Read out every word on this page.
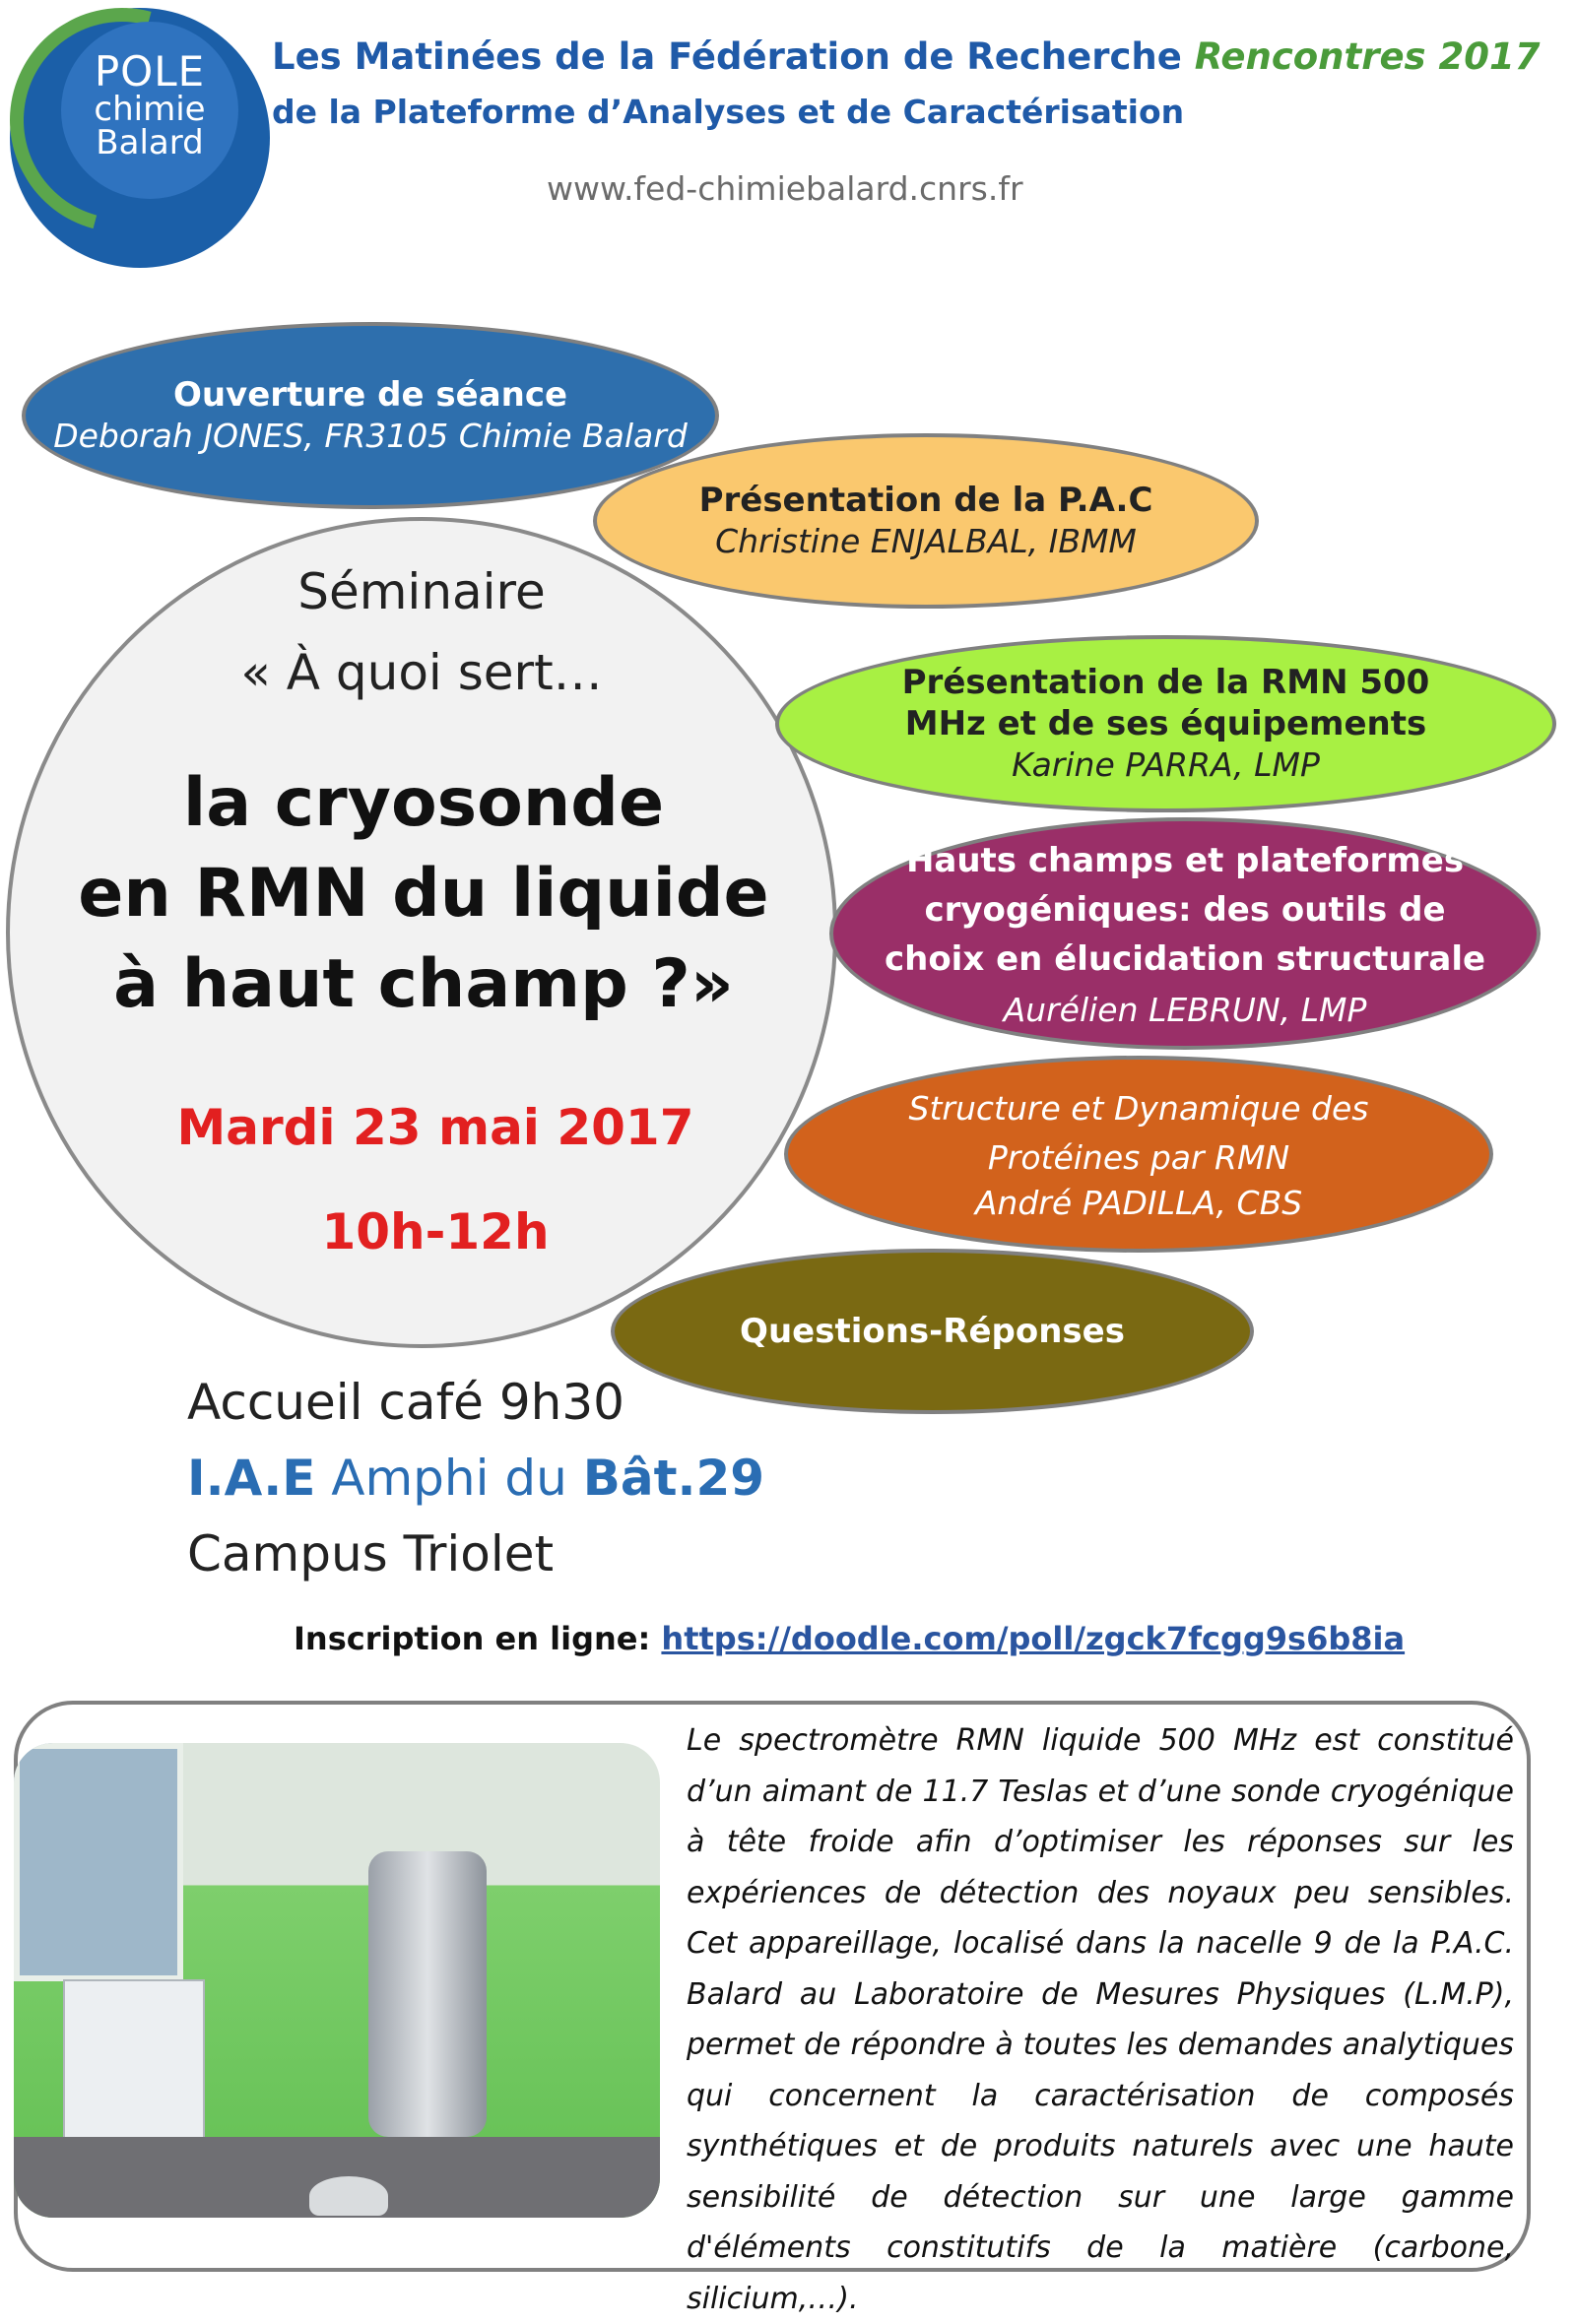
POLE
chimie
Balard
Les Matinées de la Fédération de Recherche Rencontres 2017
de la Plateforme d’Analyses et de Caractérisation
www.fed-chimiebalard.cnrs.fr
Ouverture de séance
Deborah JONES, FR3105 Chimie Balard
Séminaire
« À quoi sert…
la cryosonde
en RMN du liquide
à haut champ ?»
Mardi 23 mai 2017
10h-12h
Présentation de la P.A.C
Christine ENJALBAL, IBMM
Présentation de la RMN 500 MHz et de ses équipements
Karine PARRA, LMP
Hauts champs et plateformes cryogéniques: des outils de choix en élucidation structurale
Aurélien LEBRUN, LMP
Structure et Dynamique des Protéines par RMN
André PADILLA, CBS
Questions-Réponses
Accueil café 9h30
I.A.E Amphi du Bât.29
Campus Triolet
Inscription en ligne: https://doodle.com/poll/zgck7fcgg9s6b8ia
Le spectromètre RMN liquide 500 MHz est constitué d’un aimant de 11.7 Teslas et d’une sonde cryogénique à tête froide afin d’optimiser les réponses sur les expériences de détection des noyaux peu sensibles. Cet appareillage, localisé dans la nacelle 9 de la P.A.C. Balard au Laboratoire de Mesures Physiques (L.M.P), permet de répondre à toutes les demandes analytiques qui concernent la caractérisation de composés synthétiques et de produits naturels avec une haute sensibilité de détection sur une large gamme d'éléments constitutifs de la matière (carbone, silicium,…).
